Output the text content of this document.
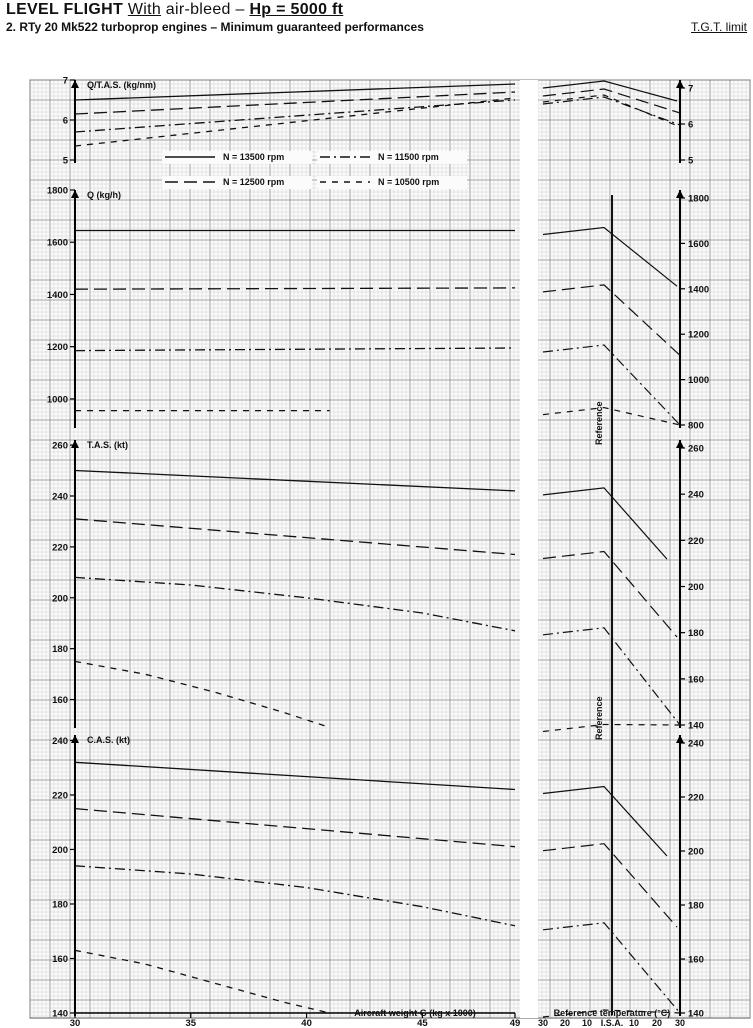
LEVEL FLIGHT With air-bleed – Hp = 5000 ft
2. RTy 20 Mk522 turboprop engines – Minimum guaranteed performances	T.G.T. limit
Reference
Reference
Q/T.A.S. (kg/nm)
5
6
7
5
6
7
Q (kg/h)
1000
1200
1400
1600
1800
800
1000
1200
1400
1600
1800
T.A.S. (kt)
160
180
200
220
240
260
140
160
180
200
220
240
260
C.A.S. (kt)
140
160
180
200
220
240
140
160
180
200
220
240
N = 13500 rpm
N = 12500 rpm
N = 11500 rpm
N = 10500 rpm
30	35	40	45	49
Aircraft weight G (kg x 1000)
30 20 10 I.S.A. 10 20 30
Reference temperature (°C)
